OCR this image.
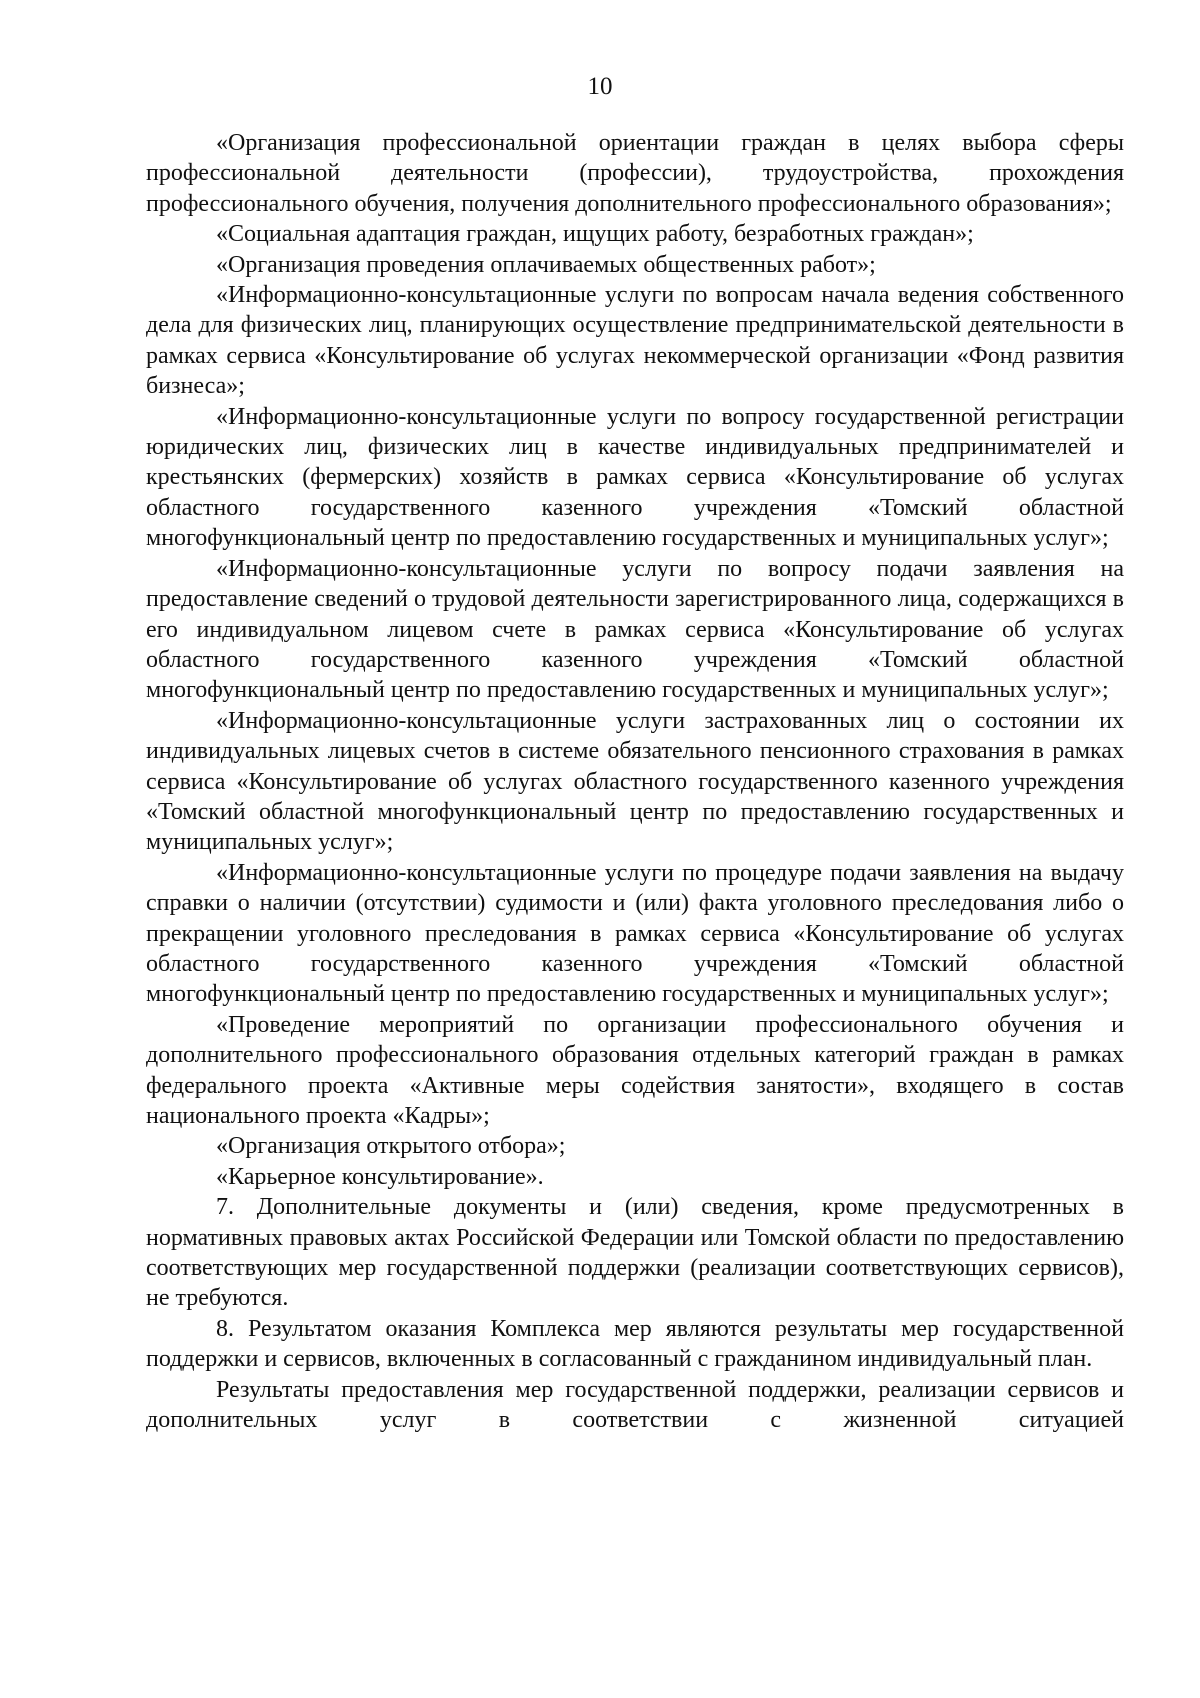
10

«Организация профессиональной ориентации граждан в целях выбора сферы профессиональной деятельности (профессии), трудоустройства, прохождения профессионального обучения, получения дополнительного профессионального образования»;

«Социальная адаптация граждан, ищущих работу, безработных граждан»;

«Организация проведения оплачиваемых общественных работ»;

«Информационно-консультационные услуги по вопросам начала ведения собственного дела для физических лиц, планирующих осуществление предпринимательской деятельности в рамках сервиса «Консультирование об услугах некоммерческой организации «Фонд развития бизнеса»;

«Информационно-консультационные услуги по вопросу государственной регистрации юридических лиц, физических лиц в качестве индивидуальных предпринимателей и крестьянских (фермерских) хозяйств в рамках сервиса «Консультирование об услугах областного государственного казенного учреждения «Томский областной многофункциональный центр по предоставлению государственных и муниципальных услуг»;

«Информационно-консультационные услуги по вопросу подачи заявления на предоставление сведений о трудовой деятельности зарегистрированного лица, содержащихся в его индивидуальном лицевом счете в рамках сервиса «Консультирование об услугах областного государственного казенного учреждения «Томский областной многофункциональный центр по предоставлению государственных и муниципальных услуг»;

«Информационно-консультационные услуги застрахованных лиц о состоянии их индивидуальных лицевых счетов в системе обязательного пенсионного страхования в рамках сервиса «Консультирование об услугах областного государственного казенного учреждения «Томский областной многофункциональный центр по предоставлению государственных и муниципальных услуг»;

«Информационно-консультационные услуги по процедуре подачи заявления на выдачу справки о наличии (отсутствии) судимости и (или) факта уголовного преследования либо о прекращении уголовного преследования в рамках сервиса «Консультирование об услугах областного государственного казенного учреждения «Томский областной многофункциональный центр по предоставлению государственных и муниципальных услуг»;

«Проведение мероприятий по организации профессионального обучения и дополнительного профессионального образования отдельных категорий граждан в рамках федерального проекта «Активные меры содействия занятости», входящего в состав национального проекта «Кадры»;

«Организация открытого отбора»;

«Карьерное консультирование».

7. Дополнительные документы и (или) сведения, кроме предусмотренных в нормативных правовых актах Российской Федерации или Томской области по предоставлению соответствующих мер государственной поддержки (реализации соответствующих сервисов), не требуются.

8. Результатом оказания Комплекса мер являются результаты мер государственной поддержки и сервисов, включенных в согласованный с гражданином индивидуальный план.

Результаты предоставления мер государственной поддержки, реализации сервисов и дополнительных услуг в соответствии с жизненной ситуацией
